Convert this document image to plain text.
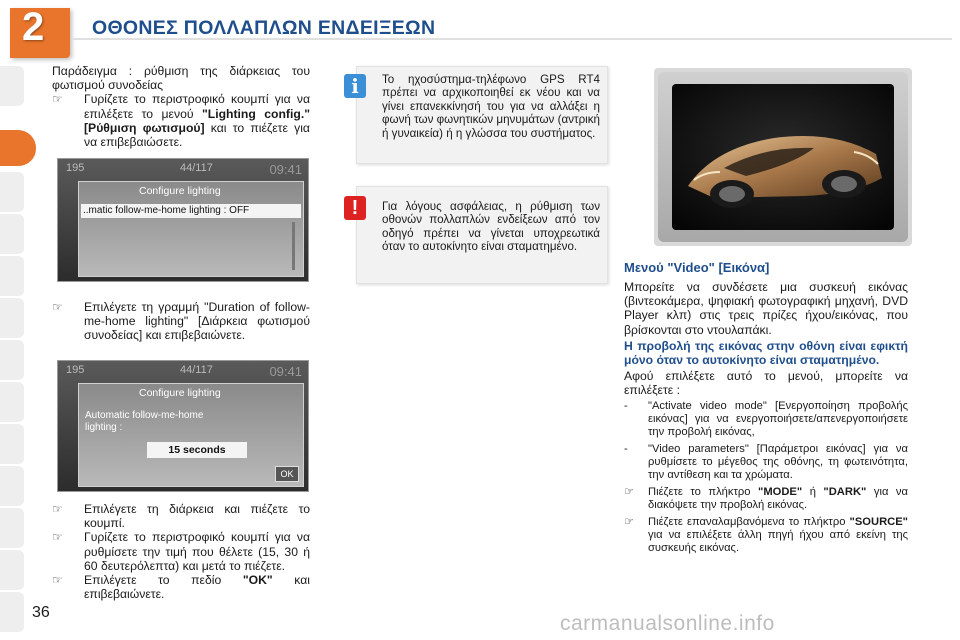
2 ΟΘΟΝΕΣ ΠΟΛΛΑΠΛΩΝ ΕΝΔΕΙΞΕΩΝ
Παράδειγμα : ρύθμιση της διάρκειας του φωτισμού συνοδείας
☞ Γυρίζετε το περιστροφικό κουμπί για να επιλέξετε το μενού "Lighting config." [Ρύθμιση φωτισμού] και το πιέζετε για να επιβεβαιώσετε.
195	44/117	09:41
Configure lighting
..matic follow-me-home lighting : OFF
☞ Επιλέγετε τη γραμμή "Duration of follow-me-home lighting" [Διάρκεια φωτισμού συνοδείας] και επιβεβαιώνετε.
195	44/117	09:41
Configure lighting
Automatic follow-me-home lighting :
15 seconds
OK
☞ Επιλέγετε τη διάρκεια και πιέζετε το κουμπί.
☞ Γυρίζετε το περιστροφικό κουμπί για να ρυθμίσετε την τιμή που θέλετε (15, 30 ή 60 δευτερόλεπτα) και μετά το πιέζετε.
☞ Επιλέγετε το πεδίο "OK" και επιβεβαιώνετε.
i	Το ηχοσύστημα-τηλέφωνο GPS RT4 πρέπει να αρχικοποιηθεί εκ νέου και να γίνει επανεκκίνησή του για να αλλάξει η φωνή των φωνητικών μηνυμάτων (αντρική ή γυναικεία) ή η γλώσσα του συστήματος.
!	Για λόγους ασφάλειας, η ρύθμιση των οθονών πολλαπλών ενδείξεων από τον οδηγό πρέπει να γίνεται υποχρεωτικά όταν το αυτοκίνητο είναι σταματημένο.
Μενού "Video" [Εικόνα]
Μπορείτε να συνδέσετε μια συσκευή εικόνας (βιντεοκάμερα, ψηφιακή φωτογραφική μηχανή, DVD Player κλπ) στις τρεις πρίζες ήχου/εικόνας, που βρίσκονται στο ντουλαπάκι.
Η προβολή της εικόνας στην οθόνη είναι εφικτή μόνο όταν το αυτοκίνητο είναι σταματημένο.
Αφού επιλέξετε αυτό το μενού, μπορείτε να επιλέξετε :
- "Activate video mode" [Ενεργοποίηση προβολής εικόνας] για να ενεργοποιήσετε/απενεργοποιήσετε την προβολή εικόνας,
- "Video parameters" [Παράμετροι εικόνας] για να ρυθμίσετε το μέγεθος της οθόνης, τη φωτεινότητα, την αντίθεση και τα χρώματα.
☞ Πιέζετε το πλήκτρο "MODE" ή "DARK" για να διακόψετε την προβολή εικόνας.
☞ Πιέζετε επαναλαμβανόμενα το πλήκτρο "SOURCE" για να επιλέξετε άλλη πηγή ήχου από εκείνη της συσκευής εικόνας.
36	carmanualsonline.info
